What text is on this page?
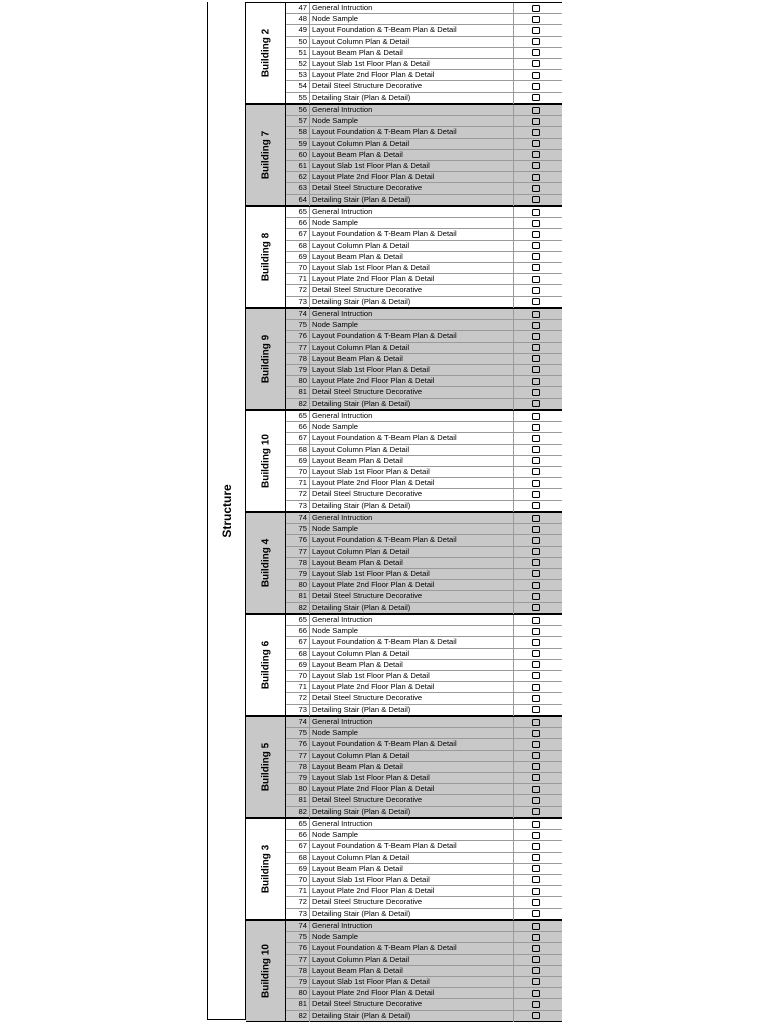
Structure
Building 2
47 General Intruction
48 Node Sample
49 Layout Foundation & T-Beam Plan & Detail
50 Layout Column Plan & Detail
51 Layout Beam Plan & Detail
52 Layout Slab 1st Floor Plan & Detail
53 Layout Plate 2nd Floor Plan & Detail
54 Detail Steel Structure Decorative
55 Detailing Stair (Plan & Detail)
Building 7
56 General Intruction
57 Node Sample
58 Layout Foundation & T-Beam Plan & Detail
59 Layout Column Plan & Detail
60 Layout Beam Plan & Detail
61 Layout Slab 1st Floor Plan & Detail
62 Layout Plate 2nd Floor Plan & Detail
63 Detail Steel Structure Decorative
64 Detailing Stair (Plan & Detail)
Building 8
65 General Intruction
66 Node Sample
67 Layout Foundation & T-Beam Plan & Detail
68 Layout Column Plan & Detail
69 Layout Beam Plan & Detail
70 Layout Slab 1st Floor Plan & Detail
71 Layout Plate 2nd Floor Plan & Detail
72 Detail Steel Structure Decorative
73 Detailing Stair (Plan & Detail)
Building 9
74 General Intruction
75 Node Sample
76 Layout Foundation & T-Beam Plan & Detail
77 Layout Column Plan & Detail
78 Layout Beam Plan & Detail
79 Layout Slab 1st Floor Plan & Detail
80 Layout Plate 2nd Floor Plan & Detail
81 Detail Steel Structure Decorative
82 Detailing Stair (Plan & Detail)
Building 10
65 General Intruction
66 Node Sample
67 Layout Foundation & T-Beam Plan & Detail
68 Layout Column Plan & Detail
69 Layout Beam Plan & Detail
70 Layout Slab 1st Floor Plan & Detail
71 Layout Plate 2nd Floor Plan & Detail
72 Detail Steel Structure Decorative
73 Detailing Stair (Plan & Detail)
Building 4
74 General Intruction
75 Node Sample
76 Layout Foundation & T-Beam Plan & Detail
77 Layout Column Plan & Detail
78 Layout Beam Plan & Detail
79 Layout Slab 1st Floor Plan & Detail
80 Layout Plate 2nd Floor Plan & Detail
81 Detail Steel Structure Decorative
82 Detailing Stair (Plan & Detail)
Building 6
65 General Intruction
66 Node Sample
67 Layout Foundation & T-Beam Plan & Detail
68 Layout Column Plan & Detail
69 Layout Beam Plan & Detail
70 Layout Slab 1st Floor Plan & Detail
71 Layout Plate 2nd Floor Plan & Detail
72 Detail Steel Structure Decorative
73 Detailing Stair (Plan & Detail)
Building 5
74 General Intruction
75 Node Sample
76 Layout Foundation & T-Beam Plan & Detail
77 Layout Column Plan & Detail
78 Layout Beam Plan & Detail
79 Layout Slab 1st Floor Plan & Detail
80 Layout Plate 2nd Floor Plan & Detail
81 Detail Steel Structure Decorative
82 Detailing Stair (Plan & Detail)
Building 3
65 General Intruction
66 Node Sample
67 Layout Foundation & T-Beam Plan & Detail
68 Layout Column Plan & Detail
69 Layout Beam Plan & Detail
70 Layout Slab 1st Floor Plan & Detail
71 Layout Plate 2nd Floor Plan & Detail
72 Detail Steel Structure Decorative
73 Detailing Stair (Plan & Detail)
Building 10
74 General Intruction
75 Node Sample
76 Layout Foundation & T-Beam Plan & Detail
77 Layout Column Plan & Detail
78 Layout Beam Plan & Detail
79 Layout Slab 1st Floor Plan & Detail
80 Layout Plate 2nd Floor Plan & Detail
81 Detail Steel Structure Decorative
82 Detailing Stair (Plan & Detail)
